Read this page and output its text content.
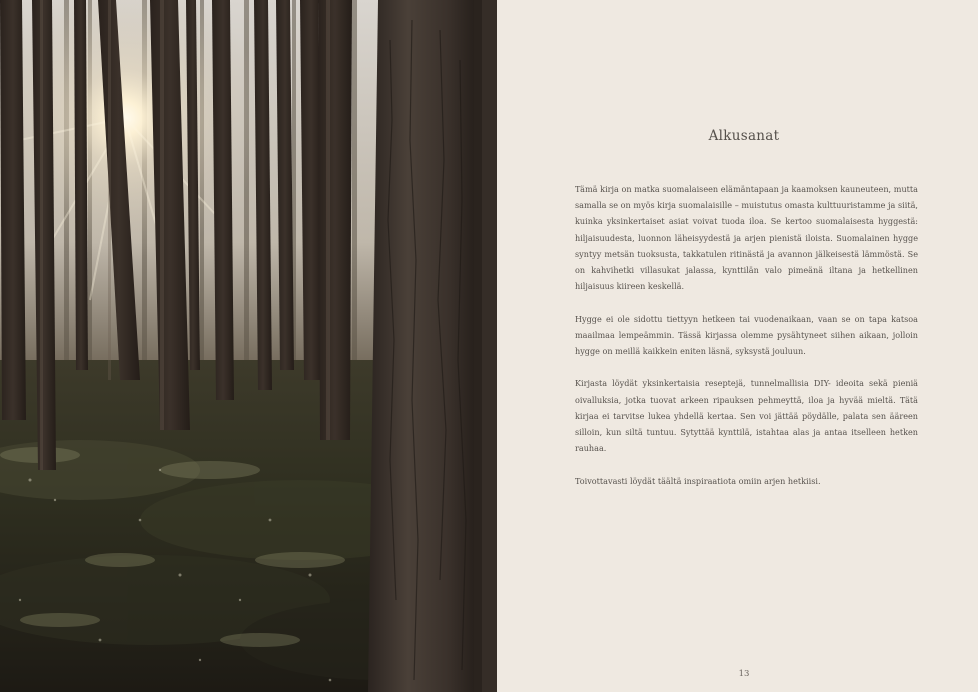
Alkusanat

Tämä kirja on matka suomalaiseen elämäntapaan ja kaamoksen kauneuteen, mutta samalla se on myös kirja suomalaisille – muistutus omasta kulttuuristamme ja siitä, kuinka yksinkertaiset asiat voivat tuoda iloa. Se kertoo suomalaisesta hyggestä: hiljaisuudesta, luonnon läheisyydestä ja arjen pienistä iloista. Suomalainen hygge syntyy metsän tuoksusta, takkatulen ritinästä ja avannon jälkeisestä lämmöstä. Se on kahvihetki villasukat jalassa, kynttilän valo pimeänä iltana ja hetkellinen hiljaisuus kiireen keskellä.

Hygge ei ole sidottu tiettyyn hetkeen tai vuodenaikaan, vaan se on tapa katsoa maailmaa lempeämmin. Tässä kirjassa olemme pysähtyneet siihen aikaan, jolloin hygge on meillä kaikkein eniten läsnä, syksystä jouluun.

Kirjasta löydät yksinkertaisia reseptejä, tunnelmallisia DIY- ideoita sekä pieniä oivalluksia, jotka tuovat arkeen ripauksen pehmeyttä, iloa ja hyvää mieltä. Tätä kirjaa ei tarvitse lukea yhdellä kertaa. Sen voi jättää pöydälle, palata sen ääreen silloin, kun siltä tuntuu. Sytyttää kynttilä, istahtaa alas ja antaa itselleen hetken rauhaa.

Toivottavasti löydät täältä inspiraatiota omiin arjen hetkiisi.

13
